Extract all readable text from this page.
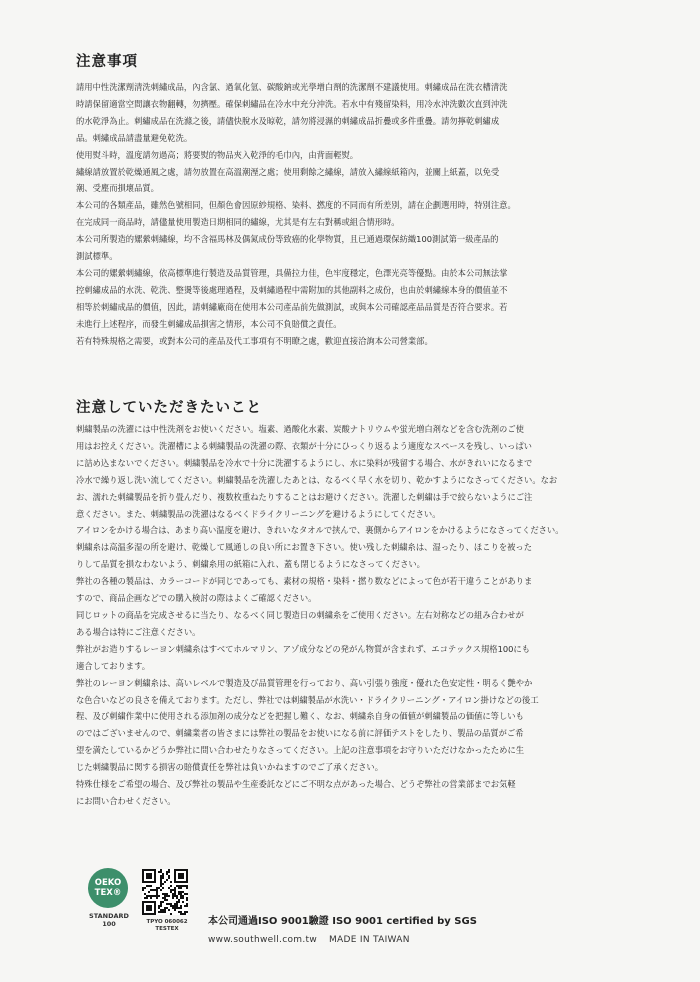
注意事項

請用中性洗潔劑清洗刺繡成品，內含氯、過氧化氫、碳酸鈉或光學增白劑的洗潔劑不建議使用。刺繡成品在洗衣槽清洗

時請保留適當空間讓衣物翻轉，勿擠壓。確保刺繡品在冷水中充分沖洗。若水中有殘留染料，用冷水沖洗數次直到沖洗

的水乾淨為止。刺繡成品在洗滌之後，請儘快脫水及晾乾，請勿將浸濕的刺繡成品折疊或多件重疊。請勿擰乾刺繡成

品。刺繡成品請盡量避免乾洗。

使用熨斗時，溫度請勿過高；將要熨的物品夾入乾淨的毛巾內，由背面輕熨。

繡線請放置於乾燥通風之處，請勿放置在高溫潮溼之處；使用剩餘之繡線，請放入繡線紙箱內，並關上紙蓋，以免受

潮、受塵而損壞品質。

本公司的各類產品，雖然色號相同，但顏色會因原紗規格、染料、撚度的不同而有所差別，請在企劃選用時，特別注意。

在完成同一商品時，請儘量使用製造日期相同的繡線，尤其是有左右對稱或組合情形時。

本公司所製造的嫘縈刺繡線，均不含福馬林及偶氮成份等致癌的化學物質，且已通過環保紡織100測試第一級產品的

測試標準。

本公司的嫘縈刺繡線，依高標準進行製造及品質管理，具備拉力佳，色牢度穩定，色澤光亮等優點。由於本公司無法掌

控刺繡成品的水洗、乾洗、整燙等後處理過程，及刺繡過程中需附加的其他副料之成份，也由於刺繡線本身的價值並不

相等於刺繡成品的價值，因此，請刺繡廠商在使用本公司產品前先做測試，或與本公司確認產品品質是否符合要求。若

未進行上述程序，而發生刺繡成品損害之情形，本公司不負賠償之責任。

若有特殊規格之需要，或對本公司的產品及代工事項有不明瞭之處，歡迎直接洽詢本公司營業部。

注意していただきたいこと

刺繍製品の洗濯には中性洗剤をお使いください。塩素、過酸化水素、炭酸ナトリウムや蛍光増白剤などを含む洗剤のご使

用はお控えください。洗濯槽による刺繍製品の洗濯の際、衣類が十分にひっくり返るよう適度なスペースを残し、いっぱい

に詰め込まないでください。刺繍製品を冷水で十分に洗濯するようにし、水に染料が残留する場合、水がきれいになるまで

冷水で繰り返し洗い流してください。刺繍製品を洗濯したあとは、なるべく早く水を切り、乾かすようになさってください。なお

お、濡れた刺繍製品を折り畳んだり、複数枚重ねたりすることはお避けください。洗濯した刺繍は手で絞らないようにご注

意ください。また、刺繍製品の洗濯はなるべくドライクリーニングを避けるようにしてください。

アイロンをかける場合は、あまり高い温度を避け、きれいなタオルで挟んで、裏側からアイロンをかけるようになさってください。

刺繍糸は高温多湿の所を避け、乾燥して風通しの良い所にお置き下さい。使い残した刺繍糸は、湿ったり、ほこりを被った

りして品質を損なわないよう、刺繍糸用の紙箱に入れ、蓋も閉じるようになさってください。

弊社の各種の製品は、カラーコードが同じであっても、素材の規格・染料・撚り数などによって色が若干違うことがありま

すので、商品企画などでの購入検討の際はよくご確認ください。

同じロットの商品を完成させるに当たり、なるべく同じ製造日の刺繍糸をご使用ください。左右対称などの組み合わせが

ある場合は特にご注意ください。

弊社がお造りするレーヨン刺繍糸はすべてホルマリン、アゾ成分などの発がん物質が含まれず、エコテックス規格100にも

適合しております。

弊社のレーヨン刺繍糸は、高いレベルで製造及び品質管理を行っており、高い引張り強度・優れた色安定性・明るく艶やか

な色合いなどの良さを備えております。ただし、弊社では刺繍製品が水洗い・ドライクリーニング・アイロン掛けなどの後工

程、及び刺繍作業中に使用される添加剤の成分などを把握し難く、なお、刺繍糸自身の価値が刺繍製品の価値に等しいも

のではございませんので、刺繍業者の皆さまには弊社の製品をお使いになる前に評価テストをしたり、製品の品質がご希

望を満たしているかどうか弊社に問い合わせたりなさってください。上記の注意事項をお守りいただけなかったために生

じた刺繍製品に関する損害の賠償責任を弊社は負いかねますのでご了承ください。

特殊仕様をご希望の場合、及び弊社の製品や生産委託などにご不明な点があった場合、どうぞ弊社の営業部までお気軽

にお問い合わせください。

OEKO TEX®
STANDARD 100	TPYO 060062 TESTEX
本公司通過ISO 9001驗證 ISO 9001 certified by SGS
www.southwell.com.tw MADE IN TAIWAN
